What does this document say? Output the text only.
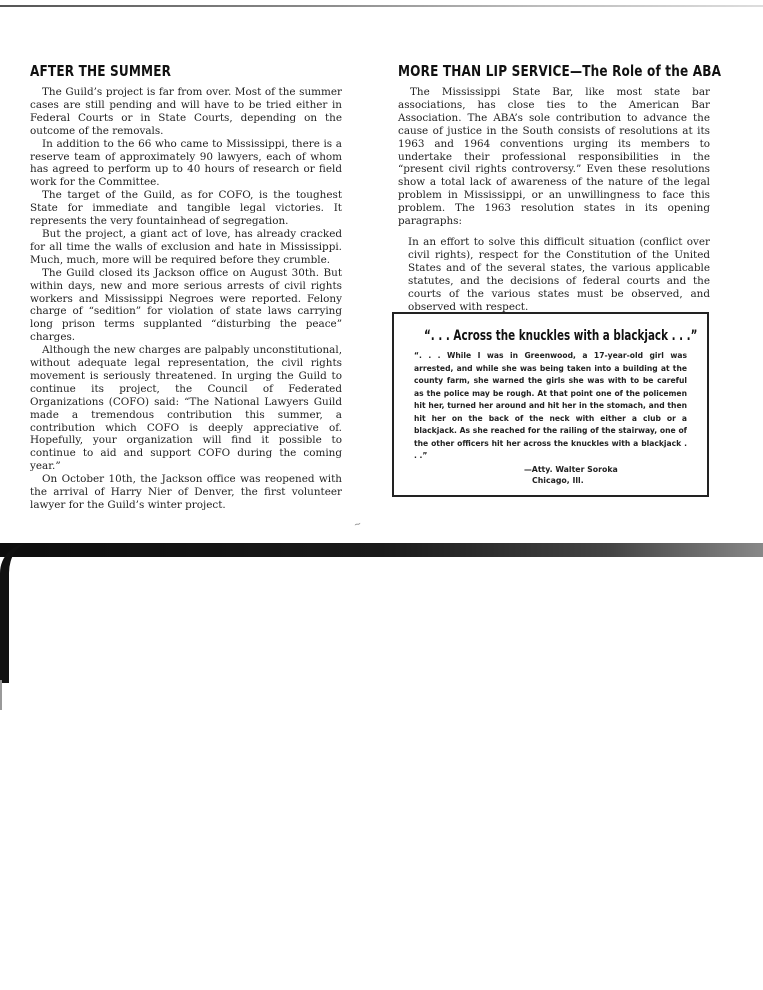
AFTER THE SUMMER

The Guild’s project is far from over. Most of the summer cases are still pending and will have to be tried either in Federal Courts or in State Courts, depending on the outcome of the removals.

In addition to the 66 who came to Mississippi, there is a reserve team of approximately 90 lawyers, each of whom has agreed to perform up to 40 hours of research or field work for the Committee.

The target of the Guild, as for COFO, is the toughest State for immediate and tangible legal victories. It represents the very fountainhead of segregation.

But the project, a giant act of love, has already cracked for all time the walls of exclusion and hate in Mississippi. Much, much, more will be required before they crumble.

The Guild closed its Jackson office on August 30th. But within days, new and more serious arrests of civil rights workers and Mississippi Negroes were reported. Felony charge of “sedition” for violation of state laws carrying long prison terms supplanted “disturbing the peace” charges.

Although the new charges are palpably unconstitutional, without adequate legal representation, the civil rights movement is seriously threatened. In urging the Guild to continue its project, the Council of Federated Organizations (COFO) said: “The National Lawyers Guild made a tremendous contribution this summer, a contribution which COFO is deeply appreciative of. Hopefully, your organization will find it possible to continue to aid and support COFO during the coming year.”

On October 10th, the Jackson office was reopened with the arrival of Harry Nier of Denver, the first volunteer lawyer for the Guild’s winter project.

MORE THAN LIP SERVICE—The Role of the ABA

The Mississippi State Bar, like most state bar associations, has close ties to the American Bar Association. The ABA’s sole contribution to advance the cause of justice in the South consists of resolutions at its 1963 and 1964 conventions urging its members to undertake their professional responsibilities in the “present civil rights controversy.” Even these resolutions show a total lack of awareness of the nature of the legal problem in Mississippi, or an unwillingness to face this problem. The 1963 resolution states in its opening paragraphs:

In an effort to solve this difficult situation (conflict over civil rights), respect for the Constitution of the United States and of the several states, the various applicable statutes, and the decisions of federal courts and the courts of the various states must be observed, and observed with respect.
“. . . Across the knuckles with a blackjack . . .”
“. . . While I was in Greenwood, a 17-year-old girl was arrested, and while she was being taken into a building at the county farm, she warned the girls she was with to be careful as the police may be rough. At that point one of the policemen hit her, turned her around and hit her in the stomach, and then hit her on the back of the neck with either a club or a blackjack. As she reached for the railing of the stairway, one of the other officers hit her across the knuckles with a blackjack . . .”
—Atty. Walter Soroka
Chicago, Ill.
~
